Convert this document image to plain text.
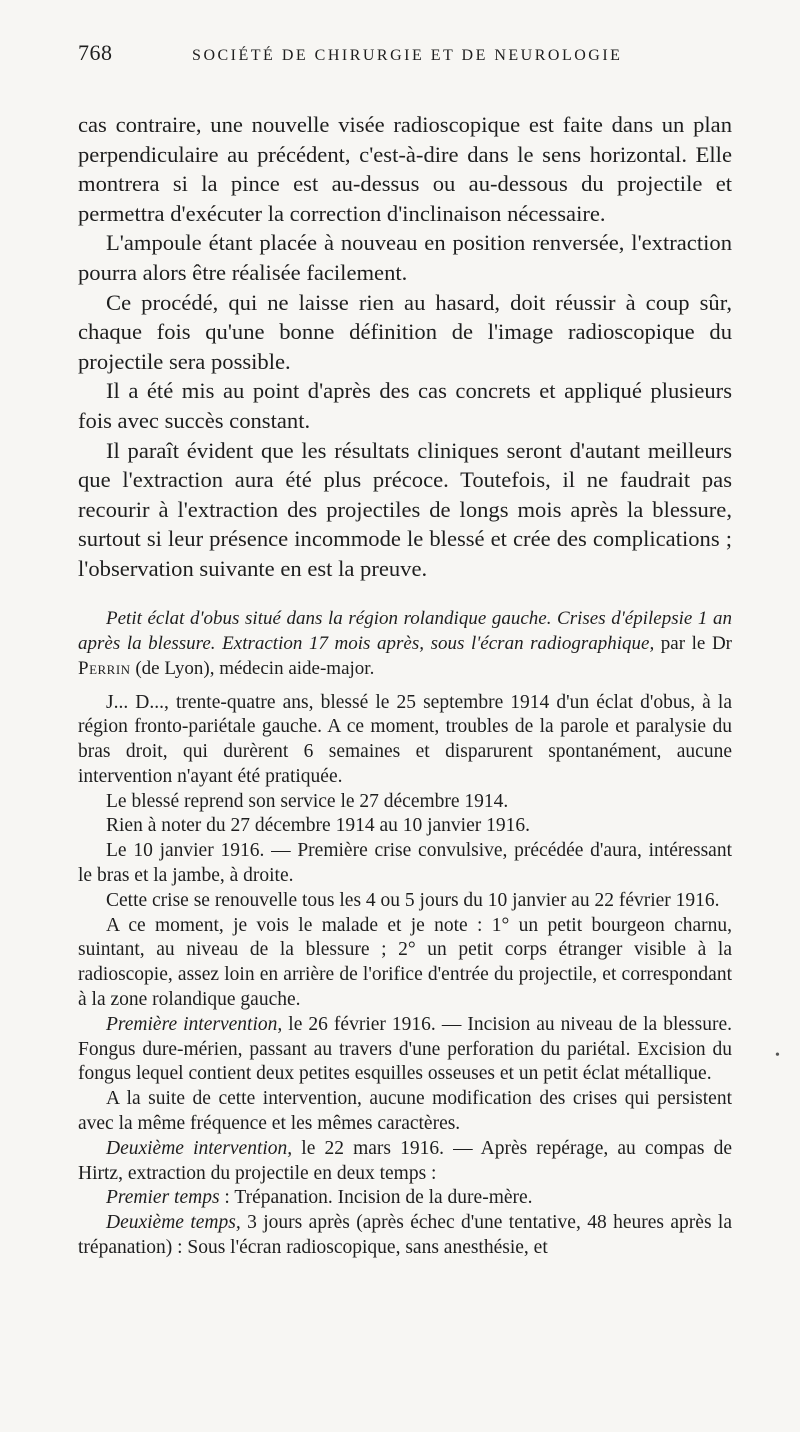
768	SOCIÉTÉ DE CHIRURGIE ET DE NEUROLOGIE

cas contraire, une nouvelle visée radioscopique est faite dans un plan perpendiculaire au précédent, c'est-à-dire dans le sens horizontal. Elle montrera si la pince est au-dessus ou au-dessous du projectile et permettra d'exécuter la correction d'inclinaison nécessaire.

L'ampoule étant placée à nouveau en position renversée, l'extraction pourra alors être réalisée facilement.

Ce procédé, qui ne laisse rien au hasard, doit réussir à coup sûr, chaque fois qu'une bonne définition de l'image radioscopique du projectile sera possible.

Il a été mis au point d'après des cas concrets et appliqué plusieurs fois avec succès constant.

Il paraît évident que les résultats cliniques seront d'autant meilleurs que l'extraction aura été plus précoce. Toutefois, il ne faudrait pas recourir à l'extraction des projectiles de longs mois après la blessure, surtout si leur présence incommode le blessé et crée des complications ; l'observation suivante en est la preuve.

Petit éclat d'obus situé dans la région rolandique gauche. Crises d'épilepsie 1 an après la blessure. Extraction 17 mois après, sous l'écran radiographique, par le Dr Perrin (de Lyon), médecin aide-major.

J... D..., trente-quatre ans, blessé le 25 septembre 1914 d'un éclat d'obus, à la région fronto-pariétale gauche. A ce moment, troubles de la parole et paralysie du bras droit, qui durèrent 6 semaines et disparurent spontanément, aucune intervention n'ayant été pratiquée.

Le blessé reprend son service le 27 décembre 1914.

Rien à noter du 27 décembre 1914 au 10 janvier 1916.

Le 10 janvier 1916. — Première crise convulsive, précédée d'aura, intéressant le bras et la jambe, à droite.

Cette crise se renouvelle tous les 4 ou 5 jours du 10 janvier au 22 février 1916.

A ce moment, je vois le malade et je note : 1° un petit bourgeon charnu, suintant, au niveau de la blessure ; 2° un petit corps étranger visible à la radioscopie, assez loin en arrière de l'orifice d'entrée du projectile, et correspondant à la zone rolandique gauche.

Première intervention, le 26 février 1916. — Incision au niveau de la blessure. Fongus dure-mérien, passant au travers d'une perforation du pariétal. Excision du fongus lequel contient deux petites esquilles osseuses et un petit éclat métallique.

A la suite de cette intervention, aucune modification des crises qui persistent avec la même fréquence et les mêmes caractères.

Deuxième intervention, le 22 mars 1916. — Après repérage, au compas de Hirtz, extraction du projectile en deux temps :

Premier temps : Trépanation. Incision de la dure-mère.

Deuxième temps, 3 jours après (après échec d'une tentative, 48 heures après la trépanation) : Sous l'écran radioscopique, sans anesthésie, et

•
